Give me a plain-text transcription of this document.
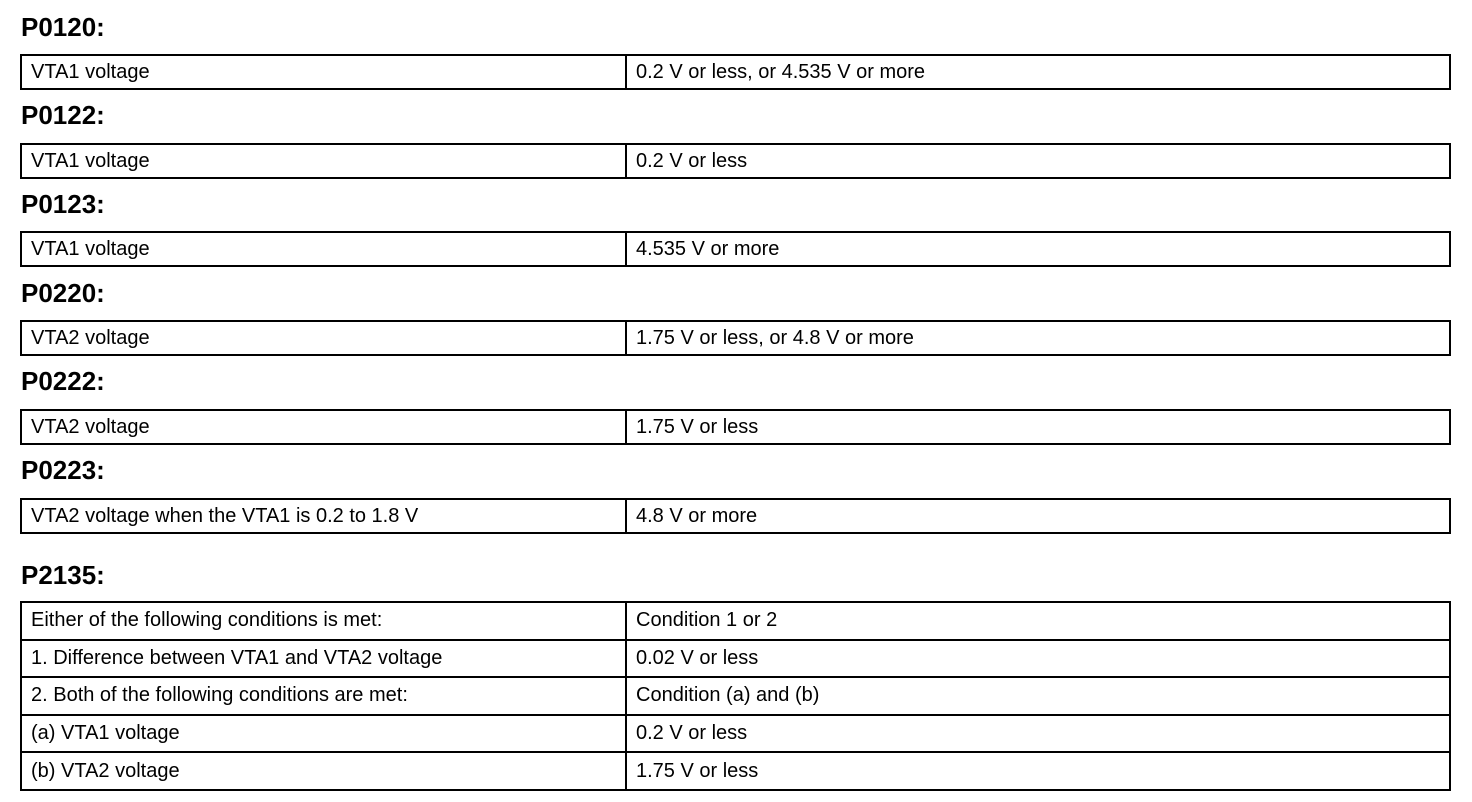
P0120:
VTA1 voltage	0.2 V or less, or 4.535 V or more
P0122:
VTA1 voltage	0.2 V or less
P0123:
VTA1 voltage	4.535 V or more
P0220:
VTA2 voltage	1.75 V or less, or 4.8 V or more
P0222:
VTA2 voltage	1.75 V or less
P0223:
VTA2 voltage when the VTA1 is 0.2 to 1.8 V	4.8 V or more
P2135:
Either of the following conditions is met:	Condition 1 or 2
1. Difference between VTA1 and VTA2 voltage	0.02 V or less
2. Both of the following conditions are met:	Condition (a) and (b)
(a) VTA1 voltage	0.2 V or less
(b) VTA2 voltage	1.75 V or less
